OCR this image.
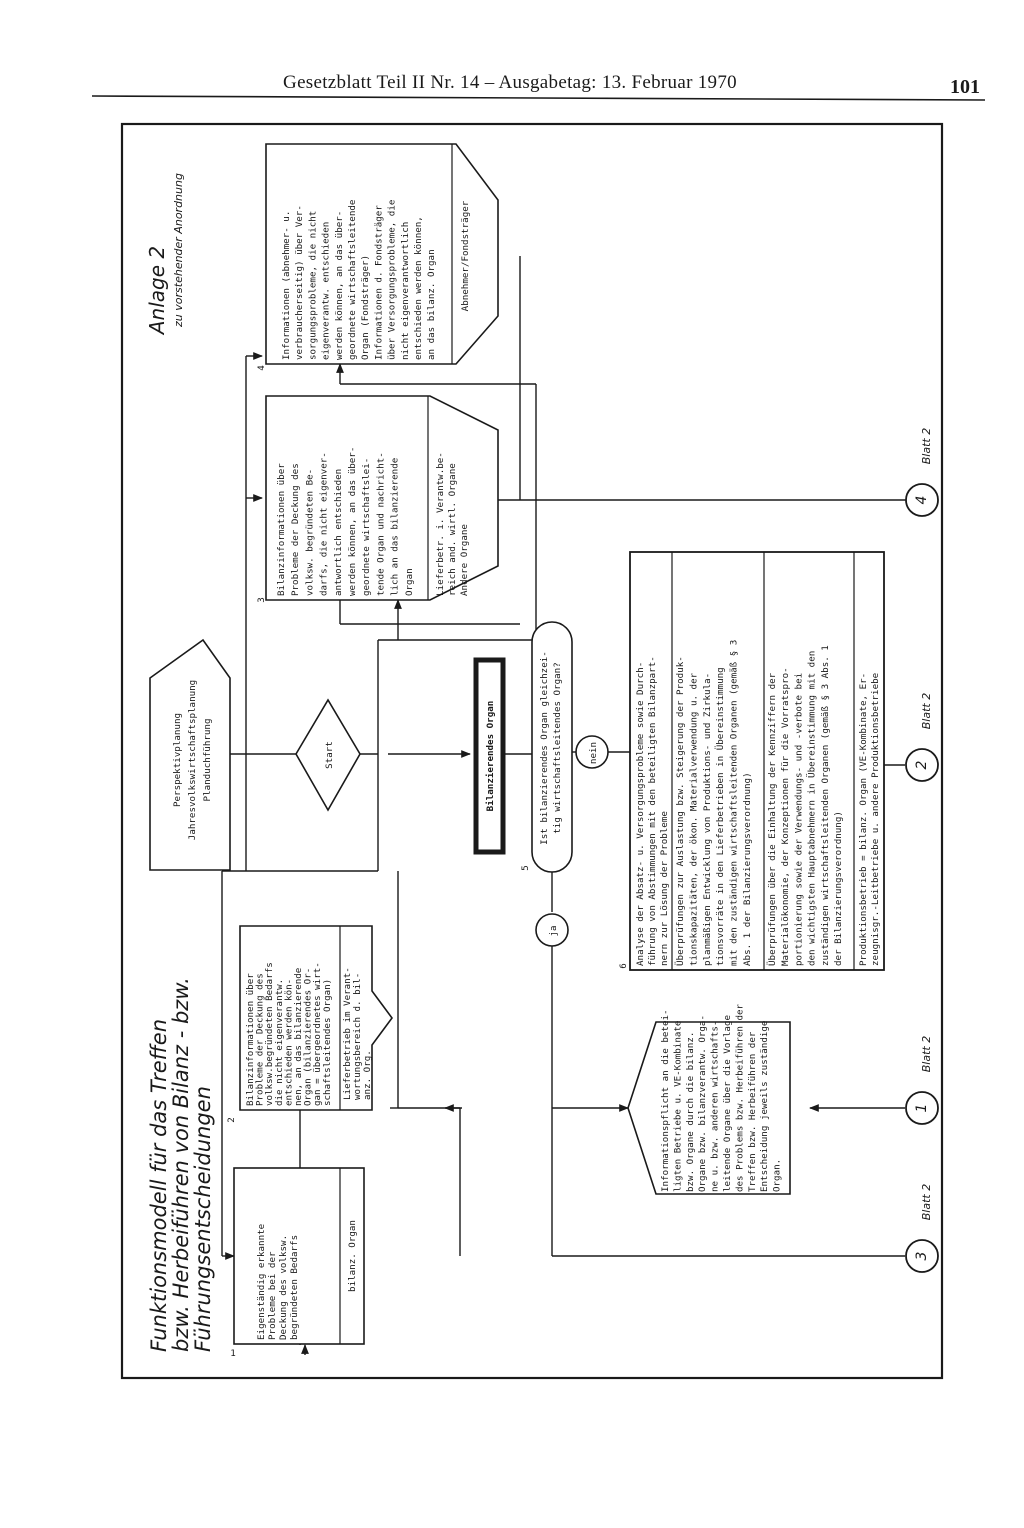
Gesetzblatt Teil II Nr. 14 – Ausgabetag: 13. Februar 1970	101
Funktionsmodell für das Treffen
bzw. Herbeiführen von Bilanz - bzw.
Führungsentscheidungen
Anlage 2 zu vorstehender Anordnung
Perspektivplanung Jahresvolkswirtschaftsplanung Planduchführung	Start	Bilanzierendes Organ	Ist bilanzierendes Organ gleichzei- tig wirtschaftsleitendes Organ?
ja
nein
5
Eigenständig erkannte Probleme bei der Deckung des volksw. begründeten Bedarfs	bilanz. Organ
1
Bilanzinformationen über
Probleme der Deckung des
volksw.begründeten Bedarfs
die nicht eigenverantw.
entschieden werden kön-
nen, an das bilanzierende
Organ (bilanzierendes Or-
gan = übergeordnetes wirt-
schaftsleitendes Organ) Lieferbetrieb im Verant- wortungsbereich d. bil- anz. Org.
2
Bilanzinformationen über Probleme der Deckung des volksw. begründeten Be- darfs, die nicht eigenver- antwortlich entschieden werden können, an das über- geordnete wirtschaftslei- tende Organ und nachricht- lich an das bilanzierende Organ Lieferbetr. i. Verantw.be- reich and. wirtl. Organe Andere Organe
3
Informationen (abnehmer- u. verbraucherseitig) über Ver- sorgungsprobleme, die nicht eigenverantw. entschieden werden können, an das über- geordnete wirtschaftsleitende Organ (Fondsträger) Informationen d. Fondsträger über Versorgungsprobleme, die nicht eigenverantwortlich entschieden werden können, an das bilanz. Organ Abnehmer/Fondsträger
4
Informationspflicht an die betei- ligten Betriebe u. VE-Kombinate bzw. Organe durch die bilanz. Organe bzw. bilanzverantw. Orga- ne u. bzw. anderen wirtschafts- leitende Organe über die Vorlage des Problems bzw. Herbeiführen der Treffen bzw. Herbeiführen der Entscheidung jeweils zuständige Organ.
Analyse der Absatz- u. Versorgungsprobleme sowie Durch- führung von Abstimmungen mit den beteiligten Bilanzpart- nern zur Lösung der Probleme Überprüfungen zur Auslastung bzw. Steigerung der Produk- tionskapazitäten, der ökon. Materialverwendung u. der planmäßigen Entwicklung von Produktions- und Zirkula- tionsvorräte in den Lieferbetrieben in Übereinstimmung mit den zuständigen wirtschaftsleitenden Organen (gemäß § 3 Abs. 1 der Bilanzierungsverordnung) Überprüfungen über die Einhaltung der Kennziffern der Materialökonomie, der Konzeptionen für die Vorratspro- portionierung sowie der Verwendungs- und -verbote bei den wichtigsten Hauptabnehmern in Übereinstimmung mit den zuständigen wirtschaftsleitenden Organen (gemäß § 3 Abs. 1 der Bilanzierungsverordnung) Produktionsbetrieb = bilanz. Organ (VE-Kombinate, Er- zeugnisgr.-Leitbetriebe u. andere Produktionsbetriebe
6
1
Blatt 2
2
Blatt 2
3
Blatt 2
4
Blatt 2
